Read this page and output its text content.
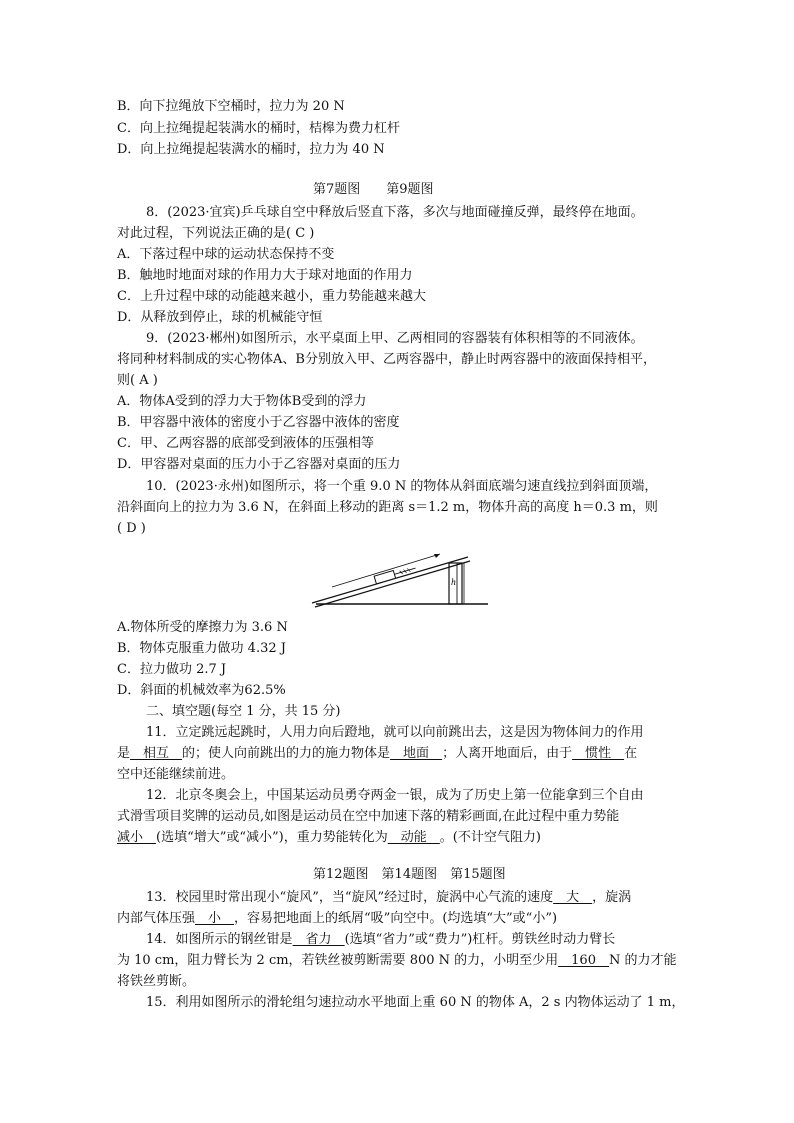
B．向下拉绳放下空桶时，拉力为 20 N
C．向上拉绳提起装满水的桶时，桔槔为费力杠杆
D．向上拉绳提起装满水的桶时，拉力为 40 N
第7题图　　第9题图
8．(2023·宜宾)乒乓球自空中释放后竖直下落，多次与地面碰撞反弹，最终停在地面。
对此过程，下列说法正确的是( C )
A．下落过程中球的运动状态保持不变
B．触地时地面对球的作用力大于球对地面的作用力
C．上升过程中球的动能越来越小，重力势能越来越大
D．从释放到停止，球的机械能守恒
9．(2023·郴州)如图所示，水平桌面上甲、乙两相同的容器装有体积相等的不同液体。
将同种材料制成的实心物体A、B分别放入甲、乙两容器中，静止时两容器中的液面保持相平，
则( A )
A．物体A受到的浮力大于物体B受到的浮力
B．甲容器中液体的密度小于乙容器中液体的密度
C．甲、乙两容器的底部受到液体的压强相等
D．甲容器对桌面的压力小于乙容器对桌面的压力
10．(2023·永州)如图所示，将一个重 9.0 N 的物体从斜面底端匀速直线拉到斜面顶端，
沿斜面向上的拉力为 3.6 N，在斜面上移动的距离 s＝1.2 m，物体升高的高度 h＝0.3 m，则
( D )
h
A.物体所受的摩擦力为 3.6 N
B．物体克服重力做功 4.32 J
C．拉力做功 2.7 J
D．斜面的机械效率为62.5%
二、填空题(每空 1 分，共 15 分)
11．立定跳远起跳时，人用力向后蹬地，就可以向前跳出去，这是因为物体间力的作用
是　相互　的；使人向前跳出的力的施力物体是　地面　；人离开地面后，由于　惯性　在
空中还能继续前进。
12．北京冬奥会上，中国某运动员勇夺两金一银，成为了历史上第一位能拿到三个自由
式滑雪项目奖牌的运动员,如图是运动员在空中加速下落的精彩画面,在此过程中重力势能
减小　(选填“增大”或“减小”)，重力势能转化为　动能　。(不计空气阻力)
第12题图　第14题图　第15题图
13．校园里时常出现小“旋风”，当“旋风”经过时，旋涡中心气流的速度　大　，旋涡
内部气体压强　小　，容易把地面上的纸屑“吸”向空中。(均选填“大”或“小”)
14．如图所示的钢丝钳是　省力　(选填“省力”或“费力”)杠杆。剪铁丝时动力臂长
为 10 cm，阻力臂长为 2 cm，若铁丝被剪断需要 800 N 的力，小明至少用　160　N 的力才能
将铁丝剪断。
15．利用如图所示的滑轮组匀速拉动水平地面上重 60 N 的物体 A，2 s 内物体运动了 1 m，
